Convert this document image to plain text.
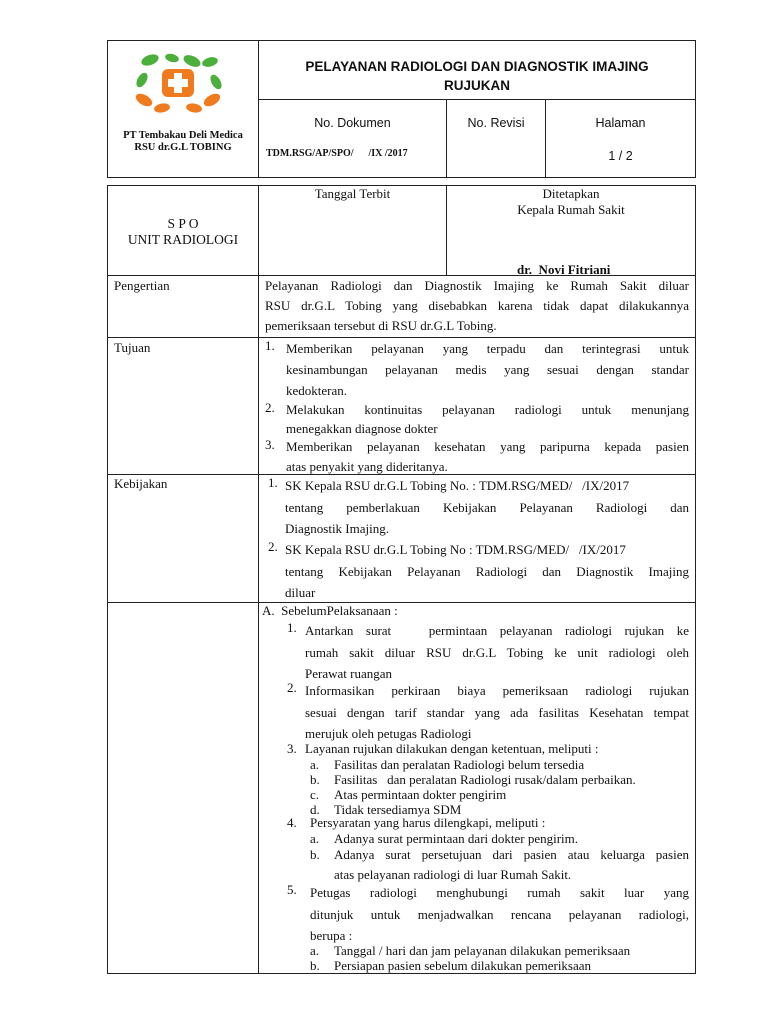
PT Tembakau Deli Medica
RSU dr.G.L TOBING
PELAYANAN RADIOLOGI DAN DIAGNOSTIK IMAJING
RUJUKAN
No. Dokumen
TDM.RSG/AP/SPO/      /IX /2017
No. Revisi	Halaman
1 / 2
S P O
UNIT RADIOLOGI
Tanggal Terbit	Ditetapkan
Kepala Rumah Sakit
dr.  Novi Fitriani
Pengertian	Pelayanan Radiologi dan Diagnostik Imajing ke Rumah Sakit diluar
RSU dr.G.L Tobing yang disebabkan karena tidak dapat dilakukannya
pemeriksaan tersebut di RSU dr.G.L Tobing.
Tujuan	1. Memberikan pelayanan yang terpadu dan terintegrasi untuk
kesinambungan pelayanan medis yang sesuai dengan standar
kedokteran.
2. Melakukan kontinuitas pelayanan radiologi untuk menunjang
menegakkan diagnose dokter
3. Memberikan pelayanan kesehatan yang paripurna kepada pasien
atas penyakit yang dideritanya.
Kebijakan	1. SK Kepala RSU dr.G.L Tobing No. : TDM.RSG/MED/   /IX/2017
tentang pemberlakuan Kebijakan Pelayanan Radiologi dan
Diagnostik Imajing.
2. SK Kepala RSU dr.G.L Tobing No : TDM.RSG/MED/   /IX/2017
tentang Kebijakan Pelayanan Radiologi dan Diagnostik Imajing
diluar
A.  SebelumPelaksanaan :
1. Antarkan surat   permintaan pelayanan radiologi rujukan ke
rumah sakit diluar RSU dr.G.L Tobing ke unit radiologi oleh
Perawat ruangan
2. Informasikan perkiraan biaya pemeriksaan radiologi rujukan
sesuai dengan tarif standar yang ada fasilitas Kesehatan tempat
merujuk oleh petugas Radiologi
3. Layanan rujukan dilakukan dengan ketentuan, meliputi :
a. Fasilitas dan peralatan Radiologi belum tersedia
b. Fasilitas   dan peralatan Radiologi rusak/dalam perbaikan.
c. Atas permintaan dokter pengirim
d. Tidak tersediamya SDM
4. Persyaratan yang harus dilengkapi, meliputi :
a. Adanya surat permintaan dari dokter pengirim.
b. Adanya surat persetujuan dari pasien atau keluarga pasien
atas pelayanan radiologi di luar Rumah Sakit.
5. Petugas radiologi menghubungi rumah sakit luar yang
ditunjuk untuk menjadwalkan rencana pelayanan radiologi,
berupa :
a. Tanggal / hari dan jam pelayanan dilakukan pemeriksaan
b. Persiapan pasien sebelum dilakukan pemeriksaan
